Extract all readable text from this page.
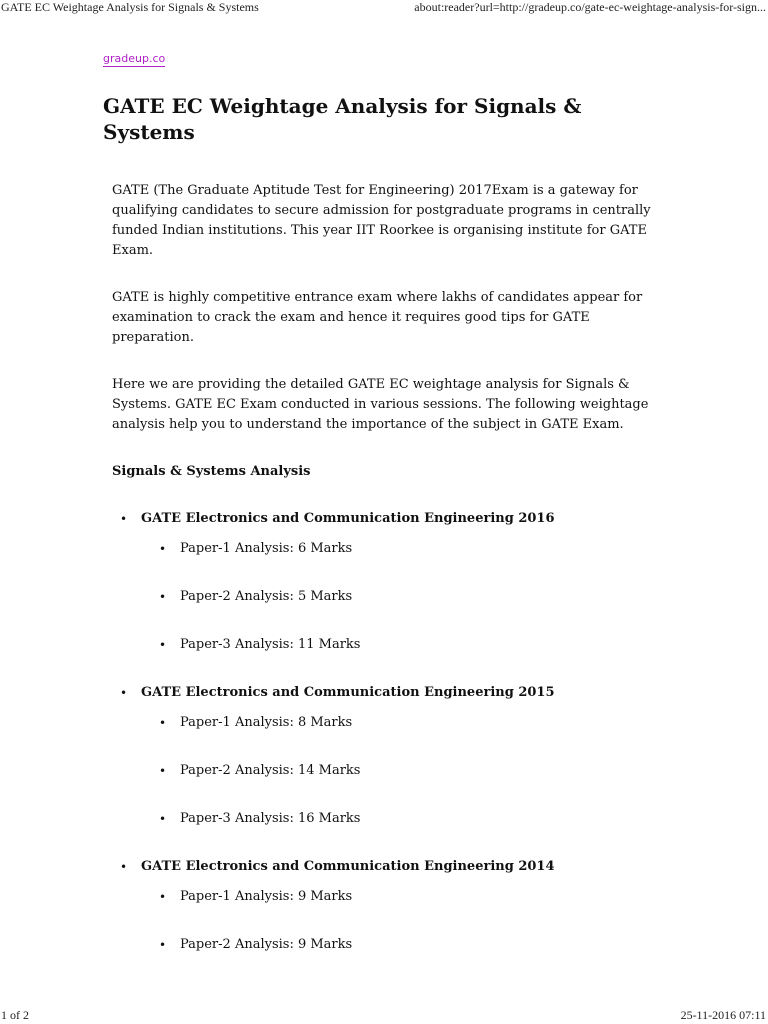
GATE EC Weightage Analysis for Signals & Systems	about:reader?url=http://gradeup.co/gate-ec-weightage-analysis-for-sign...
gradeup.co
GATE EC Weightage Analysis for Signals & Systems

GATE (The Graduate Aptitude Test for Engineering) 2017Exam is a gateway for qualifying candidates to secure admission for postgraduate programs in centrally funded Indian institutions. This year IIT Roorkee is organising institute for GATE Exam.

GATE is highly competitive entrance exam where lakhs of candidates appear for examination to crack the exam and hence it requires good tips for GATE preparation.

Here we are providing the detailed GATE EC weightage analysis for Signals & Systems. GATE EC Exam conducted in various sessions. The following weightage analysis help you to understand the importance of the subject in GATE Exam.

Signals & Systems Analysis
• GATE Electronics and Communication Engineering 2016
• Paper-1 Analysis: 6 Marks
• Paper-2 Analysis: 5 Marks
• Paper-3 Analysis: 11 Marks
• GATE Electronics and Communication Engineering 2015
• Paper-1 Analysis: 8 Marks
• Paper-2 Analysis: 14 Marks
• Paper-3 Analysis: 16 Marks
• GATE Electronics and Communication Engineering 2014
• Paper-1 Analysis: 9 Marks
• Paper-2 Analysis: 9 Marks
1 of 2	25-11-2016 07:11
